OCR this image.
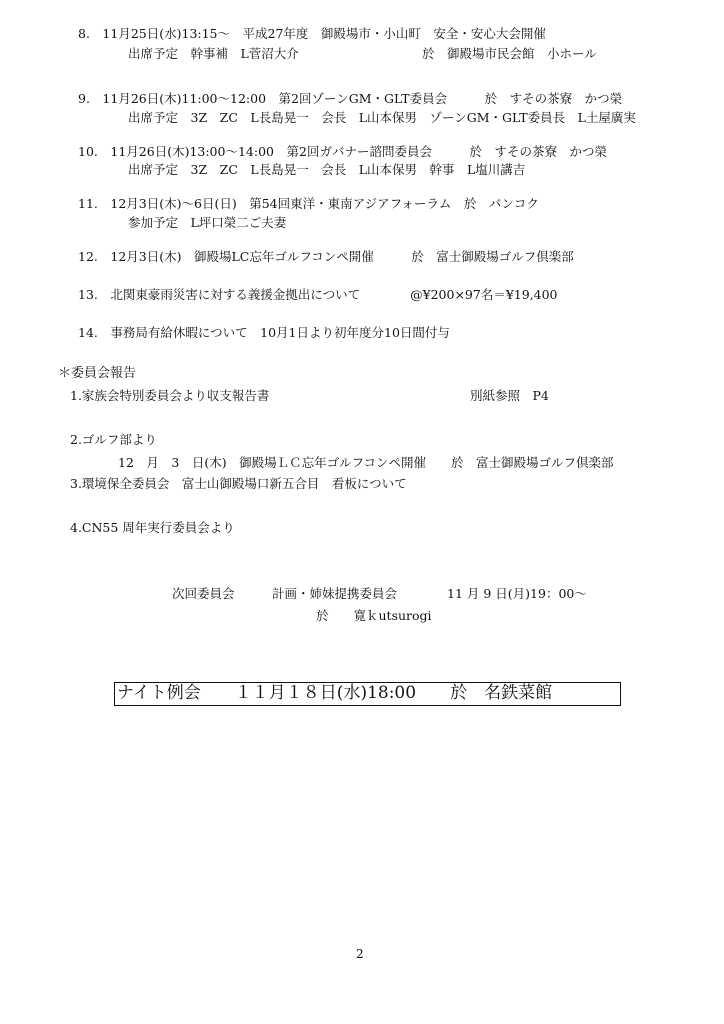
8.　11月25日(水)13:15～　平成27年度　御殿場市・小山町　安全・安心大会開催
出席予定　幹事補　L菅沼大介	於　御殿場市民会館　小ホール
9.　11月26日(木)11:00～12:00　第2回ゾーンGM・GLT委員会　　　於　すその茶寮　かつ榮
出席予定　3Z　ZC　L長島晃一　会長　L山本保男　ゾーンGM・GLT委員長　L土屋廣実
10.　11月26日(木)13:00～14:00　第2回ガバナー諮問委員会　　　於　すその茶寮　かつ榮
出席予定　3Z　ZC　L長島晃一　会長　L山本保男　幹事　L塩川講吉
11.　12月3日(木)～6日(日)　第54回東洋・東南アジアフォーラム　於　バンコク
参加予定　L坪口榮二ご夫妻
12.　12月3日(木)　御殿場LC忘年ゴルフコンペ開催　　　於　富士御殿場ゴルフ倶楽部
13.　北関東豪雨災害に対する義援金拠出について　　　　@¥200×97名＝¥19,400
14.　事務局有給休暇について　10月1日より初年度分10日間付与
＊委員会報告
1.家族会特別委員会より収支報告書	別紙参照　P4
2.ゴルフ部より
12　月　3　日(木)　御殿場ＬＣ忘年ゴルフコンペ開催　　於　富士御殿場ゴルフ倶楽部
3.環境保全委員会　富士山御殿場口新五合目　看板について
4.CN55 周年実行委員会より
次回委員会　　　計画・姉妹提携委員会　　　　11 月 9 日(月)19：00～
於　　寛ｋutsurogi
ナイト例会　　１１月１８日(水)18:00　　於　名鉄菜館
2
